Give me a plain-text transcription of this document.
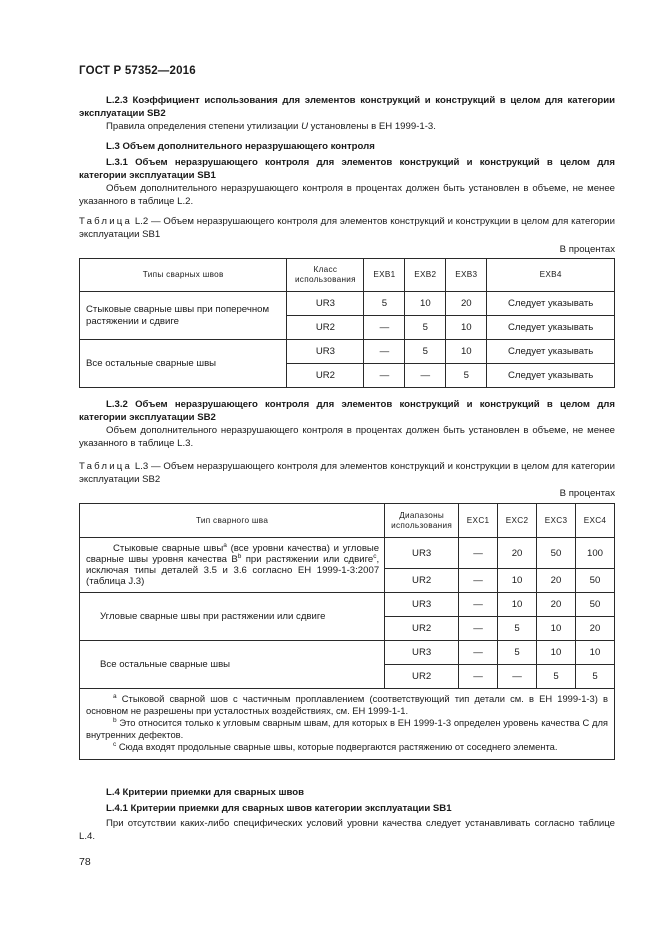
ГОСТ Р 57352—2016
L.2.3 Коэффициент использования для элементов конструкций и конструкций в целом для категории эксплуатации SB2
Правила определения степени утилизации U установлены в ЕН 1999-1-3.
L.3 Объем дополнительного неразрушающего контроля
L.3.1 Объем неразрушающего контроля для элементов конструкций и конструкций в целом для категории эксплуатации SB1
Объем дополнительного неразрушающего контроля в процентах должен быть установлен в объеме, не менее указанного в таблице L.2.
Таблица L.2 — Объем неразрушающего контроля для элементов конструкций и конструкции в целом для категории эксплуатации SB1
В процентах
Типы сварных швов	Класс использования	EXB1	EXB2	EXB3	EXB4
Стыковые сварные швы при поперечном растяжении и сдвиге	UR3	5	10	20	Следует указывать
	UR2	—	5	10	Следует указывать
Все остальные сварные швы	UR3	—	5	10	Следует указывать
	UR2	—	—	5	Следует указывать
L.3.2 Объем неразрушающего контроля для элементов конструкций и конструкций в целом для категории эксплуатации SB2
Объем дополнительного неразрушающего контроля в процентах должен быть установлен в объеме, не менее указанного в таблице L.3.
Таблица L.3 — Объем неразрушающего контроля для элементов конструкций и конструкции в целом для категории эксплуатации SB2
В процентах
Тип сварного шва	Диапазоны использования	EXC1	EXC2	EXC3	EXC4

Стыковые сварные швы$^a$ (все уровни качества) и угловые сварные швы уровня качества $B^b$ при растяжении или сдвиге$^c$, исключая типы деталей 3.5 и 3.6 согласно ЕН 1999-1-3:2007 (таблица J.3)	UR3	—	20	50	100
	UR2	—	10	20	50
Угловые сварные швы при растяжении или сдвиге	UR3	—	10	20	50
	UR2	—	5	10	20
Все остальные сварные швы	UR3	—	5	10	10
	UR2	—	—	5	5

$^a$ Стыковой сварной шов с частичным проплавлением (соответствующий тип детали см. в ЕН 1999-1-3) в основном не разрешены при усталостных воздействиях, см. ЕН 1999-1-1.
$^b$ Это относится только к угловым сварным швам, для которых в ЕН 1999-1-3 определен уровень качества С для внутренних дефектов.
$^c$ Сюда входят продольные сварные швы, которые подвергаются растяжению от соседнего элемента.					
L.4 Критерии приемки для сварных швов
L.4.1 Критерии приемки для сварных швов категории эксплуатации SB1
При отсутствии каких-либо специфических условий уровни качества следует устанавливать согласно таблице L.4.
78
